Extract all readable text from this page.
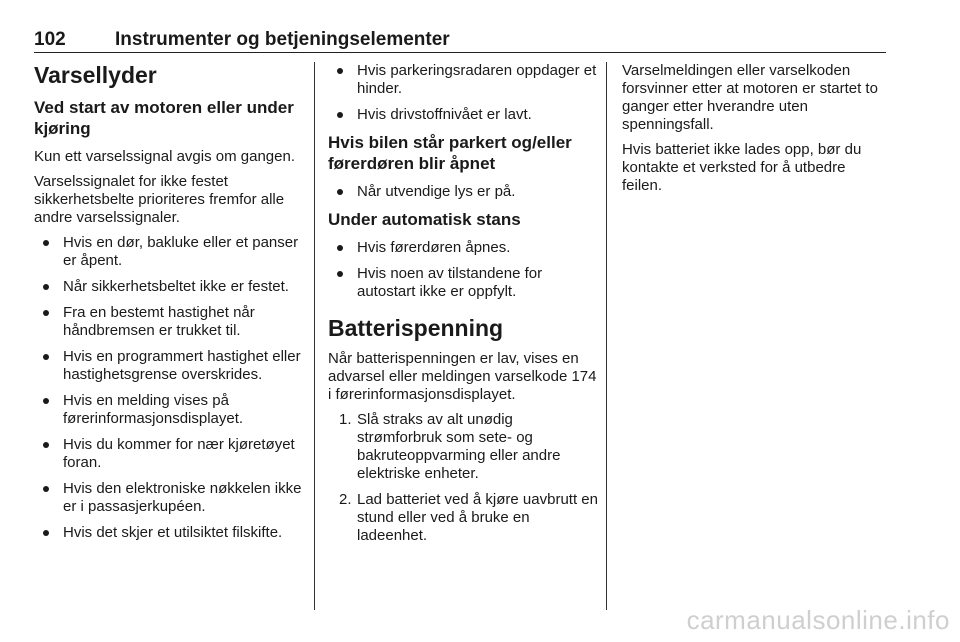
102	Instrumenter og betjeningselementer
Varsellyder
Ved start av motoren eller under kjøring

Kun ett varselssignal avgis om gangen.

Varselssignalet for ikke festet sikkerhetsbelte prioriteres fremfor alle andre varselssignaler.

Hvis en dør, bakluke eller et panser er åpent.
Når sikkerhetsbeltet ikke er festet.
Fra en bestemt hastighet når håndbremsen er trukket til.
Hvis en programmert hastighet eller hastighetsgrense overskrides.
Hvis en melding vises på førerinformasjonsdisplayet.
Hvis du kommer for nær kjøretøyet foran.
Hvis den elektroniske nøkkelen ikke er i passasjerkupéen.
Hvis det skjer et utilsiktet filskifte.
Hvis parkeringsradaren oppdager et hinder.
Hvis drivstoffnivået er lavt.
Hvis bilen står parkert og/eller førerdøren blir åpnet
Når utvendige lys er på.
Under automatisk stans
Hvis førerdøren åpnes.
Hvis noen av tilstandene for autostart ikke er oppfylt.
Batterispenning

Når batterispenningen er lav, vises en advarsel eller meldingen varselkode 174 i førerinformasjonsdisplayet.

1. Slå straks av alt unødig strømforbruk som sete- og bakruteoppvarming eller andre elektriske enheter.
2. Lad batteriet ved å kjøre uavbrutt en stund eller ved å bruke en ladeenhet.

Varselmeldingen eller varselkoden forsvinner etter at motoren er startet to ganger etter hverandre uten spenningsfall.

Hvis batteriet ikke lades opp, bør du kontakte et verksted for å utbedre feilen.

carmanualsonline.info
